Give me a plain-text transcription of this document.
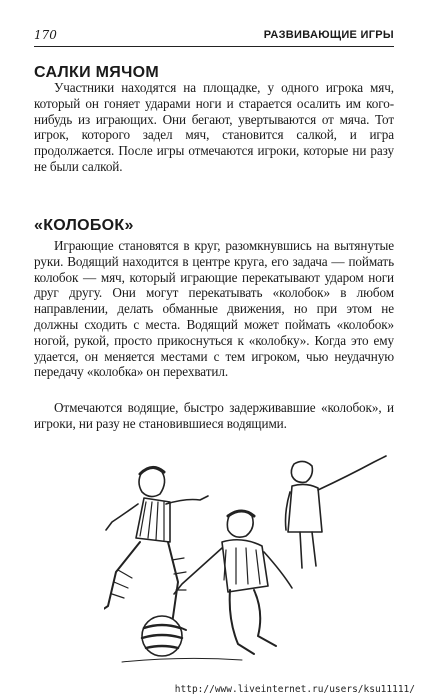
170	РАЗВИВАЮЩИЕ ИГРЫ
САЛКИ МЯЧОМ

Участники находятся на площадке, у одного игрока мяч, который он гоняет ударами ноги и старается осалить им кого-нибудь из играющих. Они бегают, увертываются от мяча. Тот игрок, которого задел мяч, становится салкой, и игра продолжается. После игры отмечаются игроки, которые ни разу не были салкой.

«КОЛОБОК»

Играющие становятся в круг, разомкнувшись на вытянутые руки. Водящий находится в центре круга, его задача — поймать колобок — мяч, который играющие перекатывают ударом ноги друг другу. Они могут перекатывать «колобок» в любом направлении, делать обманные движения, но при этом не должны сходить с места. Водящий может поймать «колобок» ногой, рукой, просто прикоснуться к «колобку». Когда это ему удается, он меняется местами с тем игроком, чью неудачную передачу «колобка» он перехватил.

Отмечаются водящие, быстро задерживавшие «колобок», и игроки, ни разу не становившиеся водящими.

http://www.liveinternet.ru/users/ksu11111/
